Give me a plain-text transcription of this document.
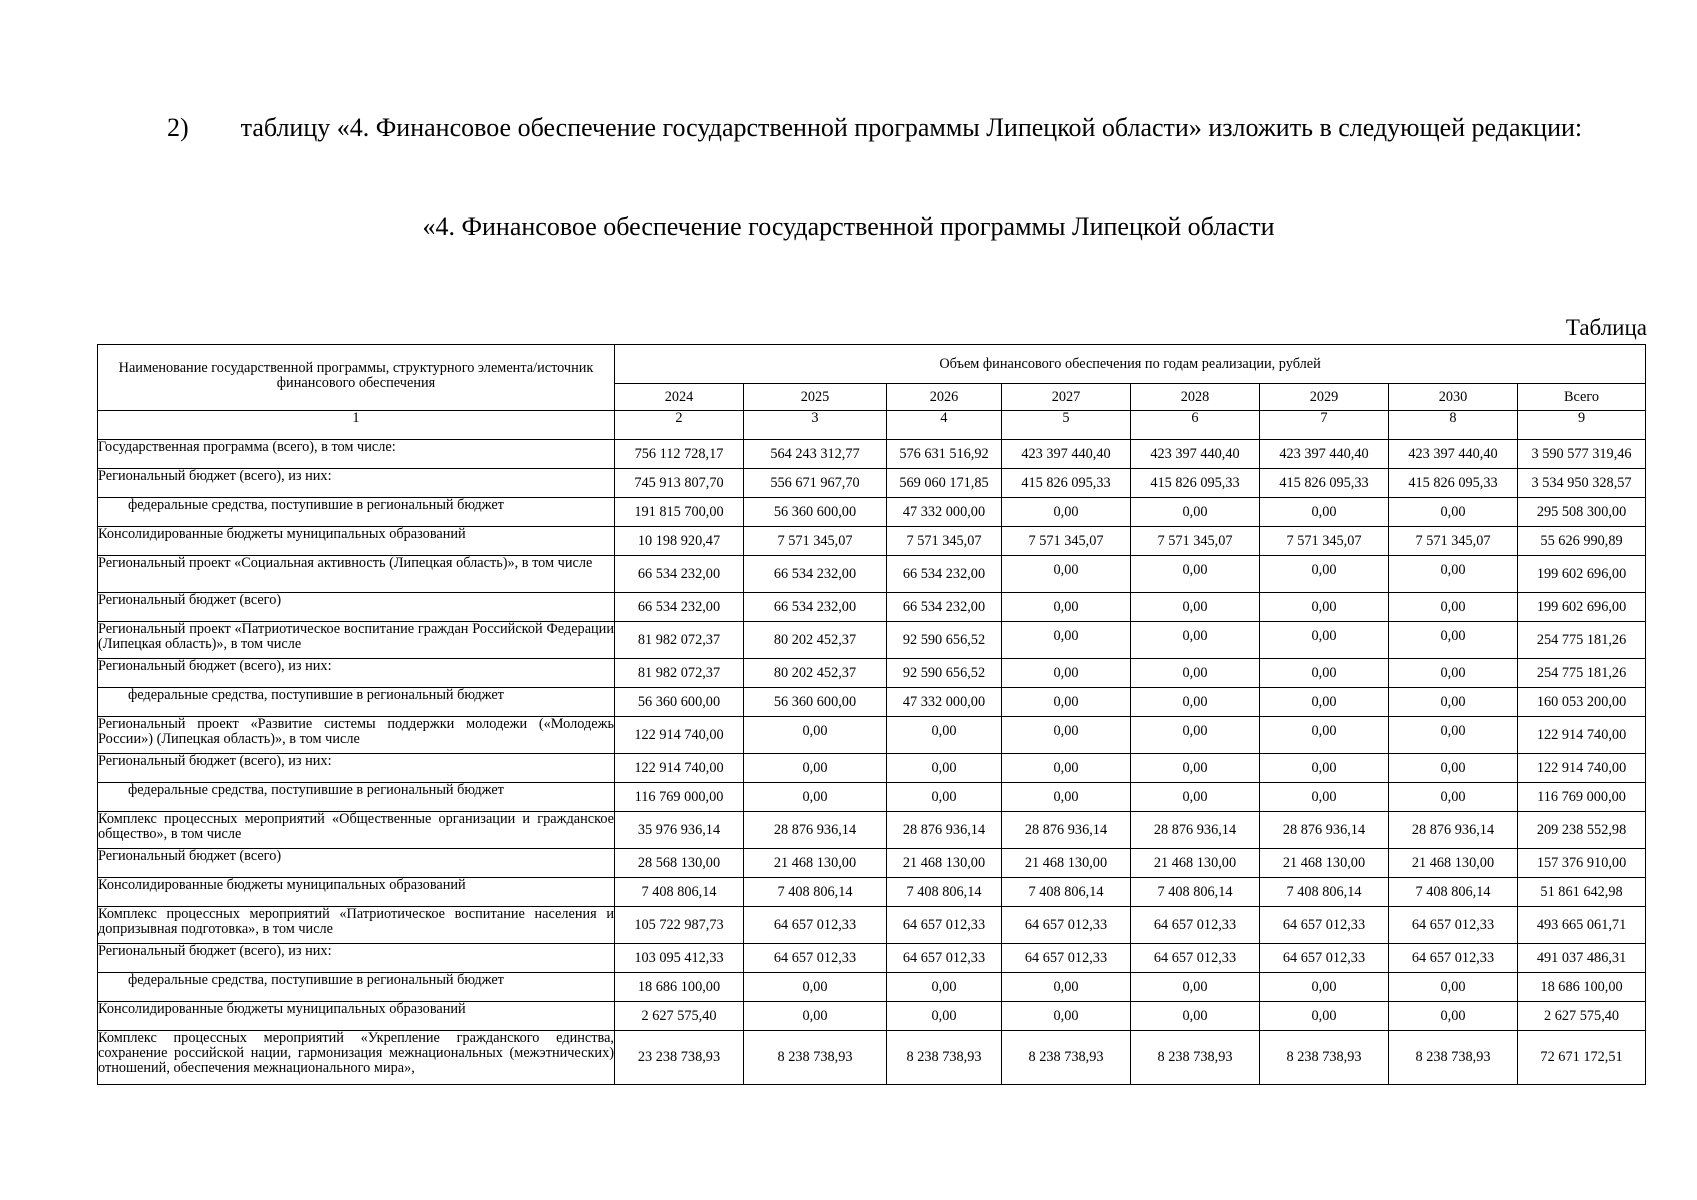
2)  таблицу «4. Финансовое обеспечение государственной программы Липецкой области» изложить в следующей редакции:

«4. Финансовое обеспечение государственной программы Липецкой области

Таблица

Наименование государственной программы, структурного элемента/источник финансового обеспечения	Объем финансового обеспечения по годам реализации, рублей							
	2024	2025	2026	2027	2028	2029	2030	Всего
1	2	3	4	5	6	7	8	9
Государственная программа (всего), в том числе:	756 112 728,17	564 243 312,77	576 631 516,92	423 397 440,40	423 397 440,40	423 397 440,40	423 397 440,40	3 590 577 319,46
Региональный бюджет (всего), из них:	745 913 807,70	556 671 967,70	569 060 171,85	415 826 095,33	415 826 095,33	415 826 095,33	415 826 095,33	3 534 950 328,57
федеральные средства, поступившие в региональный бюджет	191 815 700,00	56 360 600,00	47 332 000,00	0,00	0,00	0,00	0,00	295 508 300,00
Консолидированные бюджеты муниципальных образований	10 198 920,47	7 571 345,07	7 571 345,07	7 571 345,07	7 571 345,07	7 571 345,07	7 571 345,07	55 626 990,89
Региональный проект «Социальная активность (Липецкая область)», в том числе	66 534 232,00	66 534 232,00	66 534 232,00	0,00	0,00	0,00	0,00	199 602 696,00
Региональный бюджет (всего)	66 534 232,00	66 534 232,00	66 534 232,00	0,00	0,00	0,00	0,00	199 602 696,00
Региональный проект «Патриотическое воспитание граждан Российской Федерации (Липецкая область)», в том числе	81 982 072,37	80 202 452,37	92 590 656,52	0,00	0,00	0,00	0,00	254 775 181,26
Региональный бюджет (всего), из них:	81 982 072,37	80 202 452,37	92 590 656,52	0,00	0,00	0,00	0,00	254 775 181,26
федеральные средства, поступившие в региональный бюджет	56 360 600,00	56 360 600,00	47 332 000,00	0,00	0,00	0,00	0,00	160 053 200,00
Региональный проект «Развитие системы поддержки молодежи («Молодежь России») (Липецкая область)», в том числе	122 914 740,00	0,00	0,00	0,00	0,00	0,00	0,00	122 914 740,00
Региональный бюджет (всего), из них:	122 914 740,00	0,00	0,00	0,00	0,00	0,00	0,00	122 914 740,00
федеральные средства, поступившие в региональный бюджет	116 769 000,00	0,00	0,00	0,00	0,00	0,00	0,00	116 769 000,00
Комплекс процессных мероприятий «Общественные организации и гражданское общество», в том числе	35 976 936,14	28 876 936,14	28 876 936,14	28 876 936,14	28 876 936,14	28 876 936,14	28 876 936,14	209 238 552,98
Региональный бюджет (всего)	28 568 130,00	21 468 130,00	21 468 130,00	21 468 130,00	21 468 130,00	21 468 130,00	21 468 130,00	157 376 910,00
Консолидированные бюджеты муниципальных образований	7 408 806,14	7 408 806,14	7 408 806,14	7 408 806,14	7 408 806,14	7 408 806,14	7 408 806,14	51 861 642,98
Комплекс процессных мероприятий «Патриотическое воспитание населения и допризывная подготовка», в том числе	105 722 987,73	64 657 012,33	64 657 012,33	64 657 012,33	64 657 012,33	64 657 012,33	64 657 012,33	493 665 061,71
Региональный бюджет (всего), из них:	103 095 412,33	64 657 012,33	64 657 012,33	64 657 012,33	64 657 012,33	64 657 012,33	64 657 012,33	491 037 486,31
федеральные средства, поступившие в региональный бюджет	18 686 100,00	0,00	0,00	0,00	0,00	0,00	0,00	18 686 100,00
Консолидированные бюджеты муниципальных образований	2 627 575,40	0,00	0,00	0,00	0,00	0,00	0,00	2 627 575,40
Комплекс процессных мероприятий «Укрепление гражданского единства, сохранение российской нации, гармонизация межнациональных (межэтнических) отношений, обеспечения межнационального мира»,	23 238 738,93	8 238 738,93	8 238 738,93	8 238 738,93	8 238 738,93	8 238 738,93	8 238 738,93	72 671 172,51
